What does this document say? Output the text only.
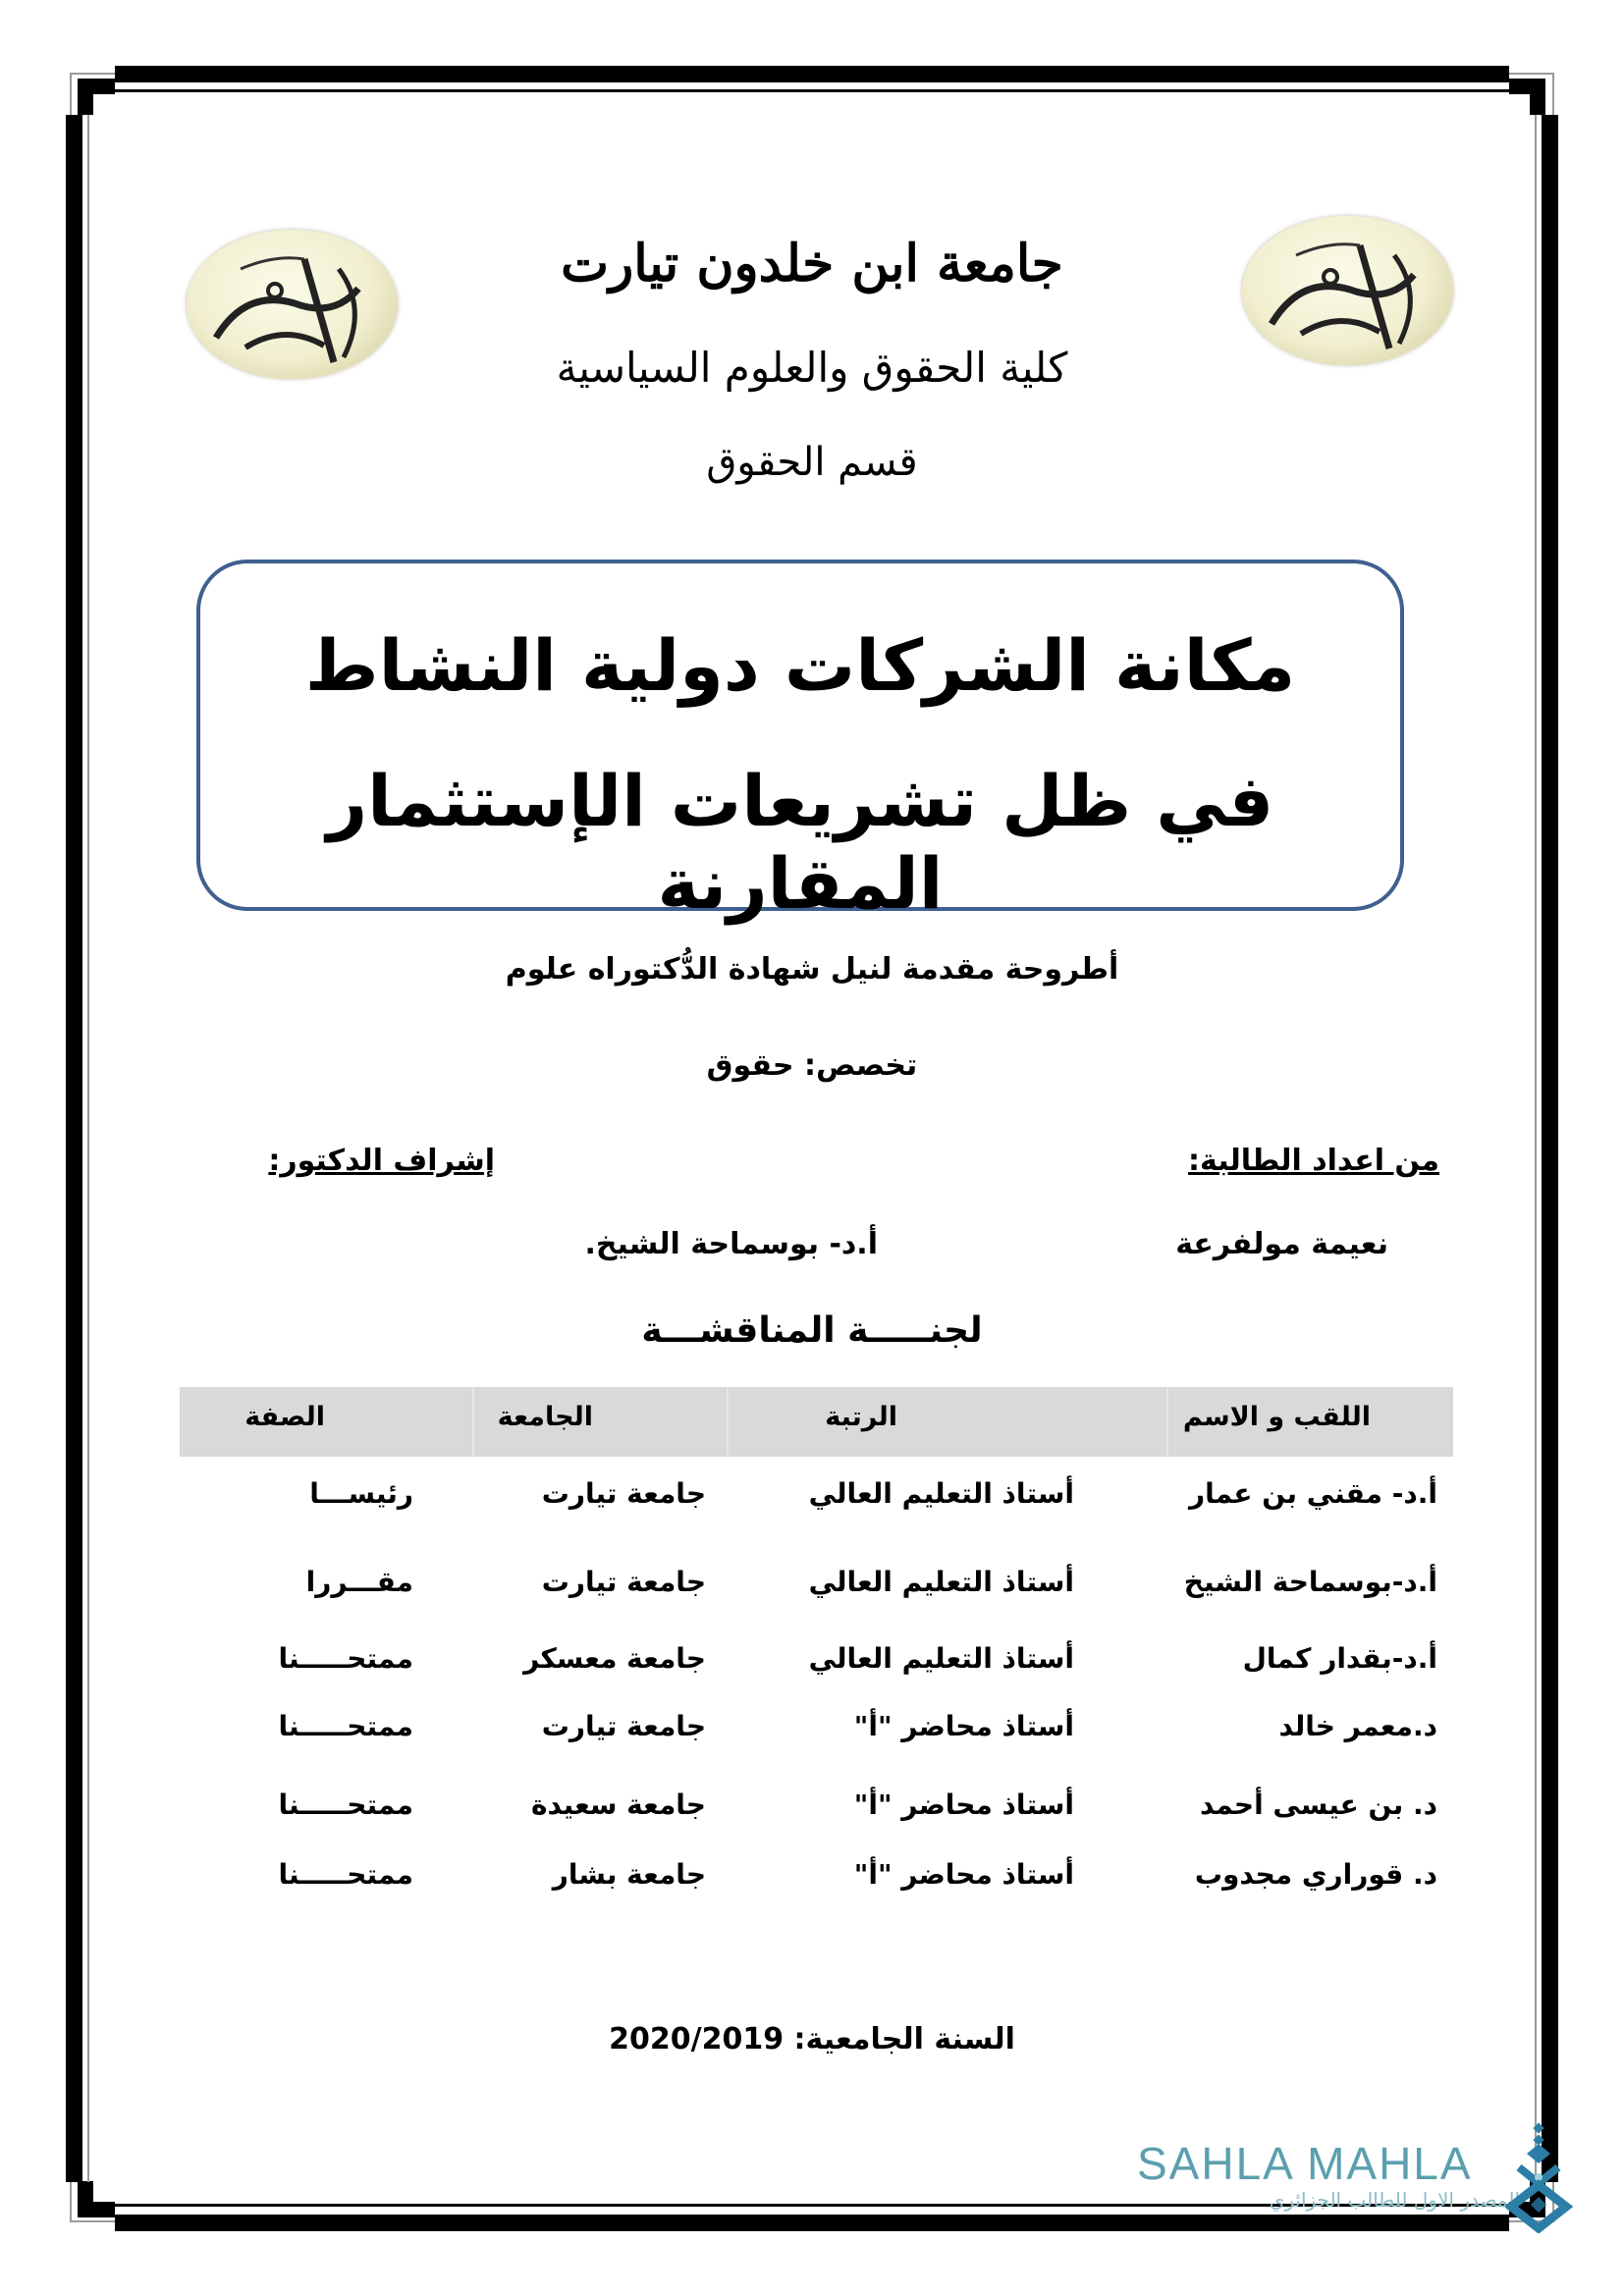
جامعة ابن خلدون تيارت
كلية الحقوق والعلوم السياسية
قسم الحقوق
مكانة الشركات دولية النشاط
في ظل تشريعات الإستثمار المقارنة
أطروحة مقدمة لنيل شهادة الدُّكتوراه علوم
تخصص: حقوق
من اعداد الطالبة:
إشراف الدكتور:
نعيمة مولفرعة
أ.د- بوسماحة الشيخ.
لجنـــــة المناقشـــة
اللقب و الاسم
الرتبة
الجامعة
الصفة
أ.د- مقني بن عمار
أستاذ التعليم العالي
جامعة تيارت
رئيســـا
أ.د-بوسماحة الشيخ
أستاذ التعليم العالي
جامعة تيارت
مقـــررا
أ.د-بقدار كمال
أستاذ التعليم العالي
جامعة معسكر
ممتحـــــنا
د.معمر خالد
أستاذ محاضر "أ"
جامعة تيارت
ممتحـــــنا
د. بن عيسى أحمد
أستاذ محاضر "أ"
جامعة سعيدة
ممتحـــــنا
د. قوراري مجدوب
أستاذ محاضر "أ"
جامعة بشار
ممتحـــــنا
السنة الجامعية: 2020/2019
SAHLA MAHLA
المصدر الاول للطالب الجزائري
